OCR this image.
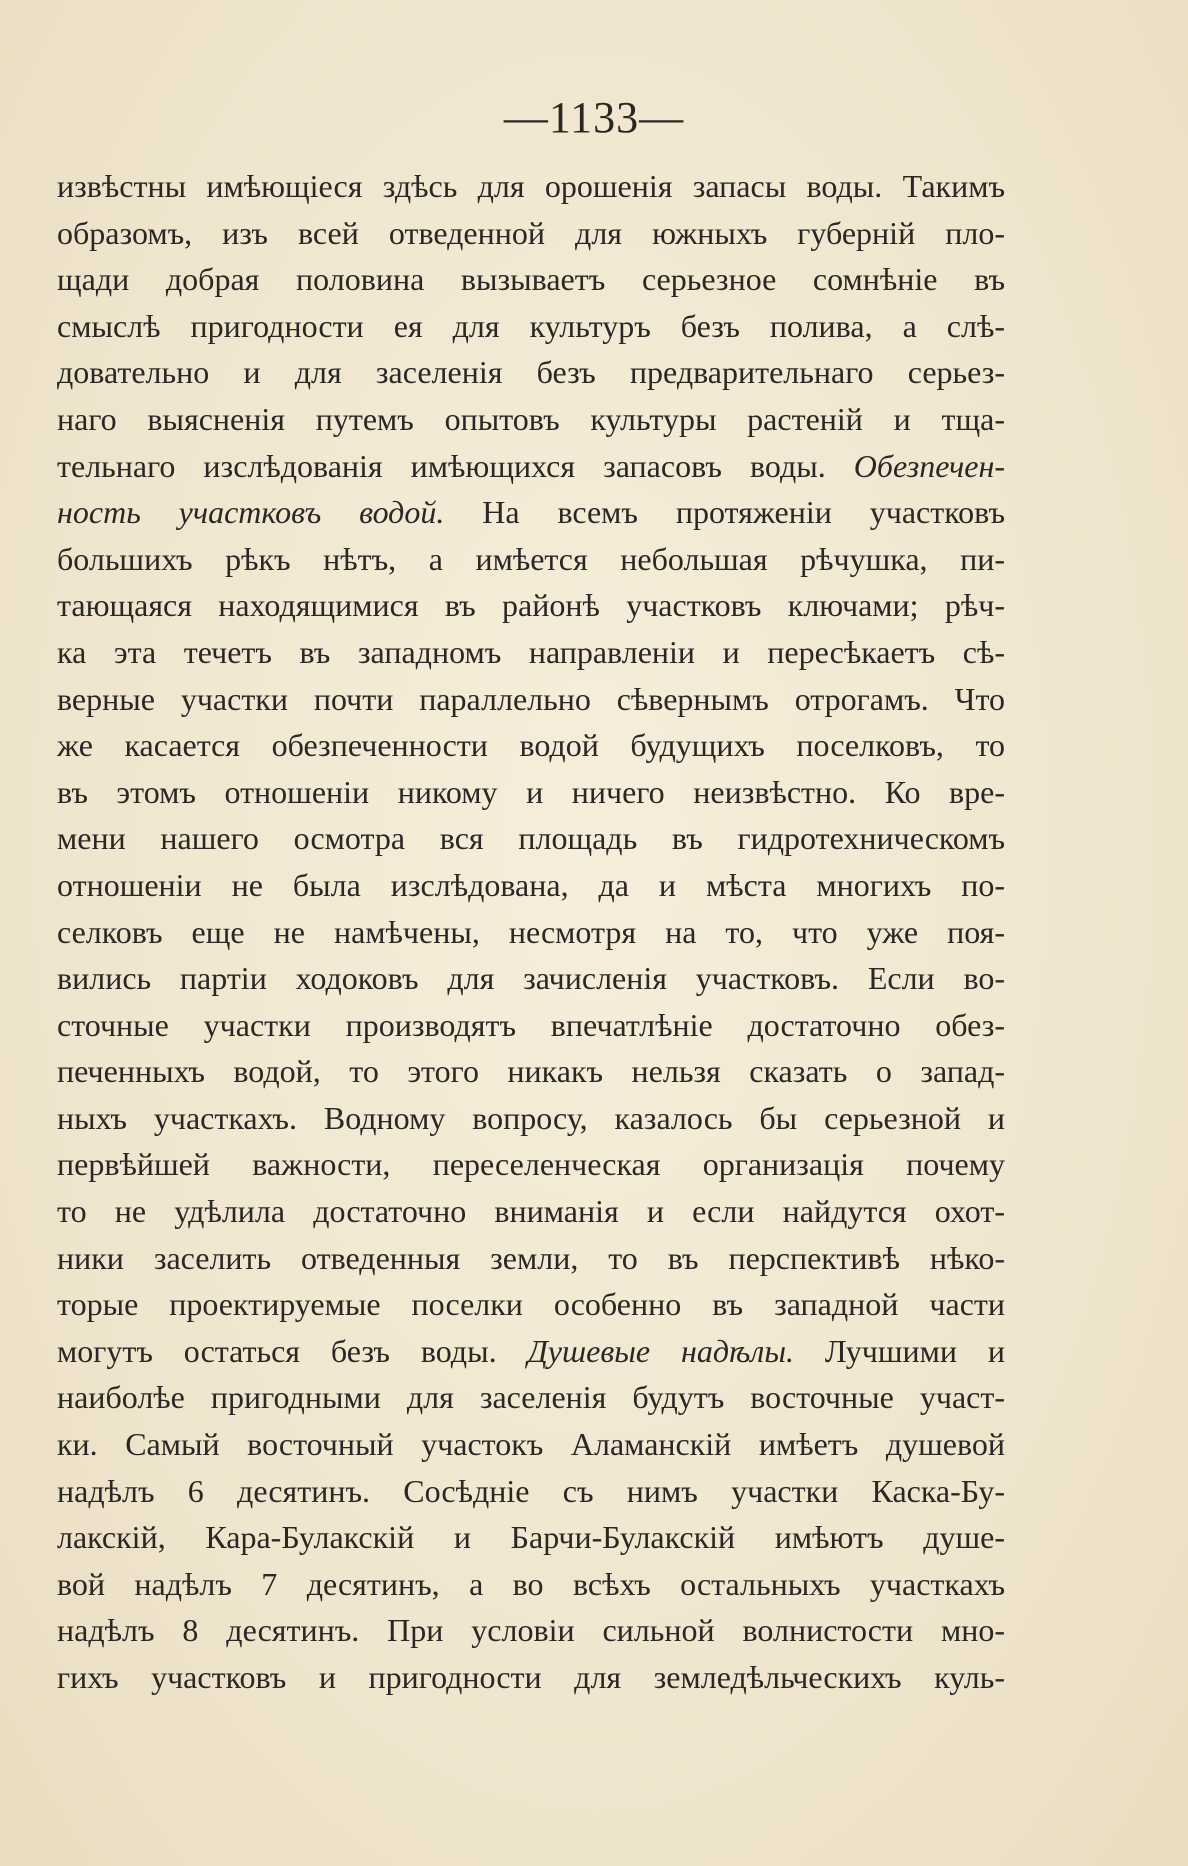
—1133—
извѣстны имѣющіеся здѣсь для орошенія запасы воды. Такимъ
образомъ, изъ всей отведенной для южныхъ губерній пло-
щади добрая половина вызываетъ серьезное сомнѣніе въ
смыслѣ пригодности ея для культуръ безъ полива, а слѣ-
довательно и для заселенія безъ предварительнаго серьез-
наго выясненія путемъ опытовъ культуры растеній и тща-
тельнаго изслѣдованія имѣющихся запасовъ воды. Обезпечен-
ность участковъ водой. На всемъ протяженіи участковъ
большихъ рѣкъ нѣтъ, а имѣется небольшая рѣчушка, пи-
тающаяся находящимися въ районѣ участковъ ключами; рѣч-
ка эта течетъ въ западномъ направленіи и пересѣкаетъ сѣ-
верные участки почти параллельно сѣвернымъ отрогамъ. Что
же касается обезпеченности водой будущихъ поселковъ, то
въ этомъ отношеніи никому и ничего неизвѣстно. Ко вре-
мени нашего осмотра вся площадь въ гидротехническомъ
отношеніи не была изслѣдована, да и мѣста многихъ по-
селковъ еще не намѣчены, несмотря на то, что уже поя-
вились партіи ходоковъ для зачисленія участковъ. Если во-
сточные участки производятъ впечатлѣніе достаточно обез-
печенныхъ водой, то этого никакъ нельзя сказать о запад-
ныхъ участкахъ. Водному вопросу, казалось бы серьезной и
первѣйшей важности, переселенческая организація почему
то не удѣлила достаточно вниманія и если найдутся охот-
ники заселить отведенныя земли, то въ перспективѣ нѣко-
торые проектируемые поселки особенно въ западной части
могутъ остаться безъ воды. Душевые надѣлы. Лучшими и
наиболѣе пригодными для заселенія будутъ восточные участ-
ки. Самый восточный участокъ Аламанскій имѣетъ душевой
надѣлъ 6 десятинъ. Сосѣдніе съ нимъ участки Каска-Бу-
лакскій, Кара-Булакскій и Барчи-Булакскій имѣютъ душе-
вой надѣлъ 7 десятинъ, а во всѣхъ остальныхъ участкахъ
надѣлъ 8 десятинъ. При условіи сильной волнистости мно-
гихъ участковъ и пригодности для земледѣльческихъ куль-
